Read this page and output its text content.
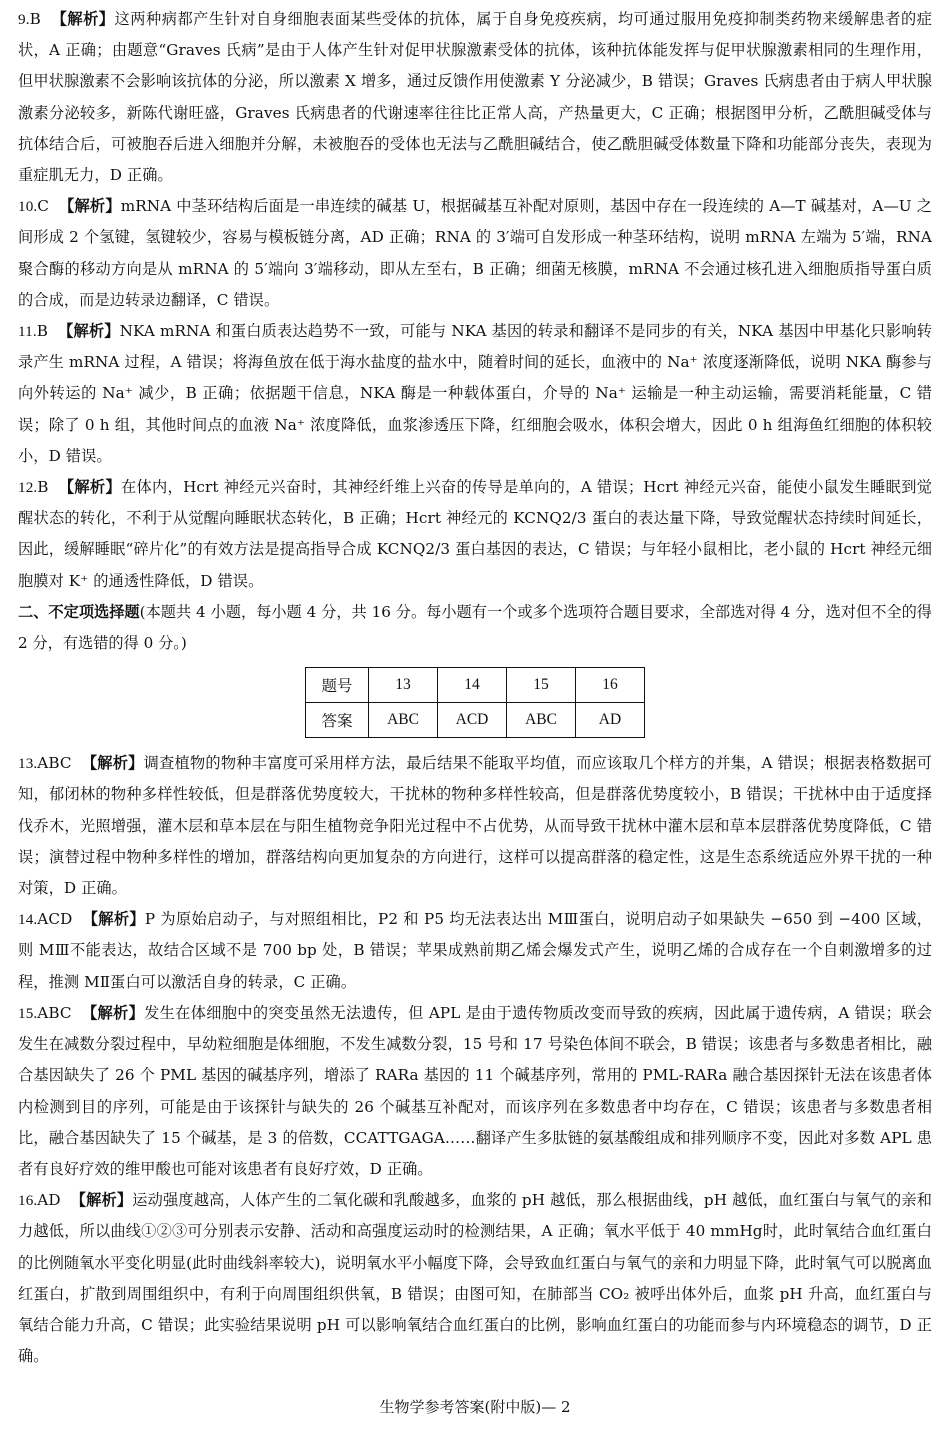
9.B 【解析】这两种病都产生针对自身细胞表面某些受体的抗体，属于自身免疫疾病，均可通过服用免疫抑制类药物来缓解患者的症状，A 正确；由题意“Graves 氏病”是由于人体产生针对促甲状腺激素受体的抗体，该种抗体能发挥与促甲状腺激素相同的生理作用，但甲状腺激素不会影响该抗体的分泌，所以激素 X 增多，通过反馈作用使激素 Y 分泌减少，B 错误；Graves 氏病患者由于病人甲状腺激素分泌较多，新陈代谢旺盛，Graves 氏病患者的代谢速率往往比正常人高，产热量更大，C 正确；根据图甲分析，乙酰胆碱受体与抗体结合后，可被胞吞后进入细胞并分解，未被胞吞的受体也无法与乙酰胆碱结合，使乙酰胆碱受体数量下降和功能部分丧失，表现为重症肌无力，D 正确。

10.C 【解析】mRNA 中茎环结构后面是一串连续的碱基 U，根据碱基互补配对原则，基因中存在一段连续的 A—T 碱基对，A—U 之间形成 2 个氢键，氢键较少，容易与模板链分离，AD 正确；RNA 的 3′端可自发形成一种茎环结构，说明 mRNA 左端为 5′端，RNA 聚合酶的移动方向是从 mRNA 的 5′端向 3′端移动，即从左至右，B 正确；细菌无核膜，mRNA 不会通过核孔进入细胞质指导蛋白质的合成，而是边转录边翻译，C 错误。

11.B 【解析】NKA mRNA 和蛋白质表达趋势不一致，可能与 NKA 基因的转录和翻译不是同步的有关，NKA 基因中甲基化只影响转录产生 mRNA 过程，A 错误；将海鱼放在低于海水盐度的盐水中，随着时间的延长，血液中的 Na⁺ 浓度逐渐降低，说明 NKA 酶参与向外转运的 Na⁺ 减少，B 正确；依据题干信息，NKA 酶是一种载体蛋白，介导的 Na⁺ 运输是一种主动运输，需要消耗能量，C 错误；除了 0 h 组，其他时间点的血液 Na⁺ 浓度降低，血浆渗透压下降，红细胞会吸水，体积会增大，因此 0 h 组海鱼红细胞的体积较小，D 错误。

12.B 【解析】在体内，Hcrt 神经元兴奋时，其神经纤维上兴奋的传导是单向的，A 错误；Hcrt 神经元兴奋，能使小鼠发生睡眠到觉醒状态的转化，不利于从觉醒向睡眠状态转化，B 正确；Hcrt 神经元的 KCNQ2/3 蛋白的表达量下降，导致觉醒状态持续时间延长，因此，缓解睡眠“碎片化”的有效方法是提高指导合成 KCNQ2/3 蛋白基因的表达，C 错误；与年轻小鼠相比，老小鼠的 Hcrt 神经元细胞膜对 K⁺ 的通透性降低，D 错误。

二、不定项选择题(本题共 4 小题，每小题 4 分，共 16 分。每小题有一个或多个选项符合题目要求，全部选对得 4 分，选对但不全的得 2 分，有选错的得 0 分。)

题号	13	14	15	16
答案	ABC	ACD	ABC	AD

13.ABC 【解析】调查植物的物种丰富度可采用样方法，最后结果不能取平均值，而应该取几个样方的并集，A 错误；根据表格数据可知，郁闭林的物种多样性较低，但是群落优势度较大，干扰林的物种多样性较高，但是群落优势度较小，B 错误；干扰林中由于适度择伐乔木，光照增强，灌木层和草本层在与阳生植物竞争阳光过程中不占优势，从而导致干扰林中灌木层和草本层群落优势度降低，C 错误；演替过程中物种多样性的增加，群落结构向更加复杂的方向进行，这样可以提高群落的稳定性，这是生态系统适应外界干扰的一种对策，D 正确。

14.ACD 【解析】P 为原始启动子，与对照组相比，P2 和 P5 均无法表达出 MⅢ蛋白，说明启动子如果缺失 −650 到 −400 区域，则 MⅢ不能表达，故结合区域不是 700 bp 处，B 错误；苹果成熟前期乙烯会爆发式产生，说明乙烯的合成存在一个自刺激增多的过程，推测 MⅡ蛋白可以激活自身的转录，C 正确。

15.ABC 【解析】发生在体细胞中的突变虽然无法遗传，但 APL 是由于遗传物质改变而导致的疾病，因此属于遗传病，A 错误；联会发生在减数分裂过程中，早幼粒细胞是体细胞，不发生减数分裂，15 号和 17 号染色体间不联会，B 错误；该患者与多数患者相比，融合基因缺失了 26 个 PML 基因的碱基序列，增添了 RARa 基因的 11 个碱基序列，常用的 PML-RARa 融合基因探针无法在该患者体内检测到目的序列，可能是由于该探针与缺失的 26 个碱基互补配对，而该序列在多数患者中均存在，C 错误；该患者与多数患者相比，融合基因缺失了 15 个碱基，是 3 的倍数，CCATTGAGA……翻译产生多肽链的氨基酸组成和排列顺序不变，因此对多数 APL 患者有良好疗效的维甲酸也可能对该患者有良好疗效，D 正确。

16.AD 【解析】运动强度越高，人体产生的二氧化碳和乳酸越多，血浆的 pH 越低，那么根据曲线，pH 越低，血红蛋白与氧气的亲和力越低，所以曲线①②③可分别表示安静、活动和高强度运动时的检测结果，A 正确；氧水平低于 40 mmHg时，此时氧结合血红蛋白的比例随氧水平变化明显(此时曲线斜率较大)，说明氧水平小幅度下降，会导致血红蛋白与氧气的亲和力明显下降，此时氧气可以脱离血红蛋白，扩散到周围组织中，有利于向周围组织供氧，B 错误；由图可知，在肺部当 CO₂ 被呼出体外后，血浆 pH 升高，血红蛋白与氧结合能力升高，C 错误；此实验结果说明 pH 可以影响氧结合血红蛋白的比例，影响血红蛋白的功能而参与内环境稳态的调节，D 正确。

生物学参考答案(附中版)— 2
